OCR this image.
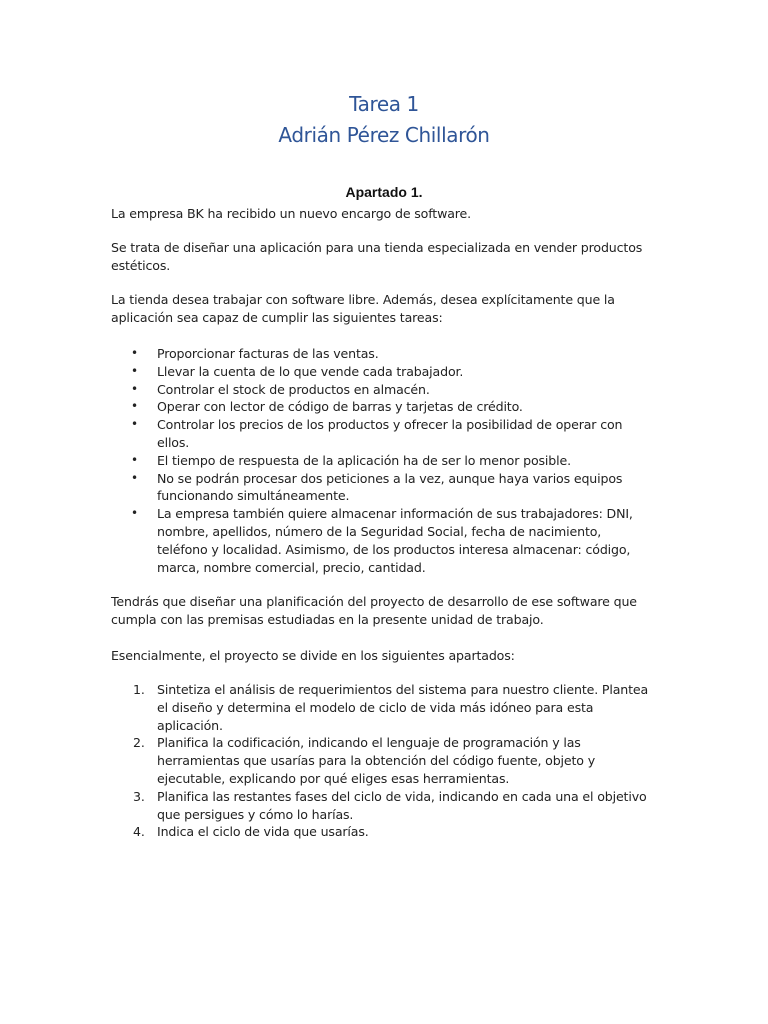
Tarea 1
Adrián Pérez Chillarón
Apartado 1.

La empresa BK ha recibido un nuevo encargo de software.

Se trata de diseñar una aplicación para una tienda especializada en vender productos estéticos.

La tienda desea trabajar con software libre. Además, desea explícitamente que la aplicación sea capaz de cumplir las siguientes tareas:

• Proporcionar facturas de las ventas.
• Llevar la cuenta de lo que vende cada trabajador.
• Controlar el stock de productos en almacén.
• Operar con lector de código de barras y tarjetas de crédito.
• Controlar los precios de los productos y ofrecer la posibilidad de operar con ellos.
• El tiempo de respuesta de la aplicación ha de ser lo menor posible.
• No se podrán procesar dos peticiones a la vez, aunque haya varios equipos funcionando simultáneamente.
• La empresa también quiere almacenar información de sus trabajadores: DNI, nombre, apellidos, número de la Seguridad Social, fecha de nacimiento, teléfono y localidad. Asimismo, de los productos interesa almacenar: código, marca, nombre comercial, precio, cantidad.

Tendrás que diseñar una planificación del proyecto de desarrollo de ese software que cumpla con las premisas estudiadas en la presente unidad de trabajo.

Esencialmente, el proyecto se divide en los siguientes apartados:

1. Sintetiza el análisis de requerimientos del sistema para nuestro cliente. Plantea el diseño y determina el modelo de ciclo de vida más idóneo para esta aplicación.
2. Planifica la codificación, indicando el lenguaje de programación y las herramientas que usarías para la obtención del código fuente, objeto y ejecutable, explicando por qué eliges esas herramientas.
3. Planifica las restantes fases del ciclo de vida, indicando en cada una el objetivo que persigues y cómo lo harías.
4. Indica el ciclo de vida que usarías.
